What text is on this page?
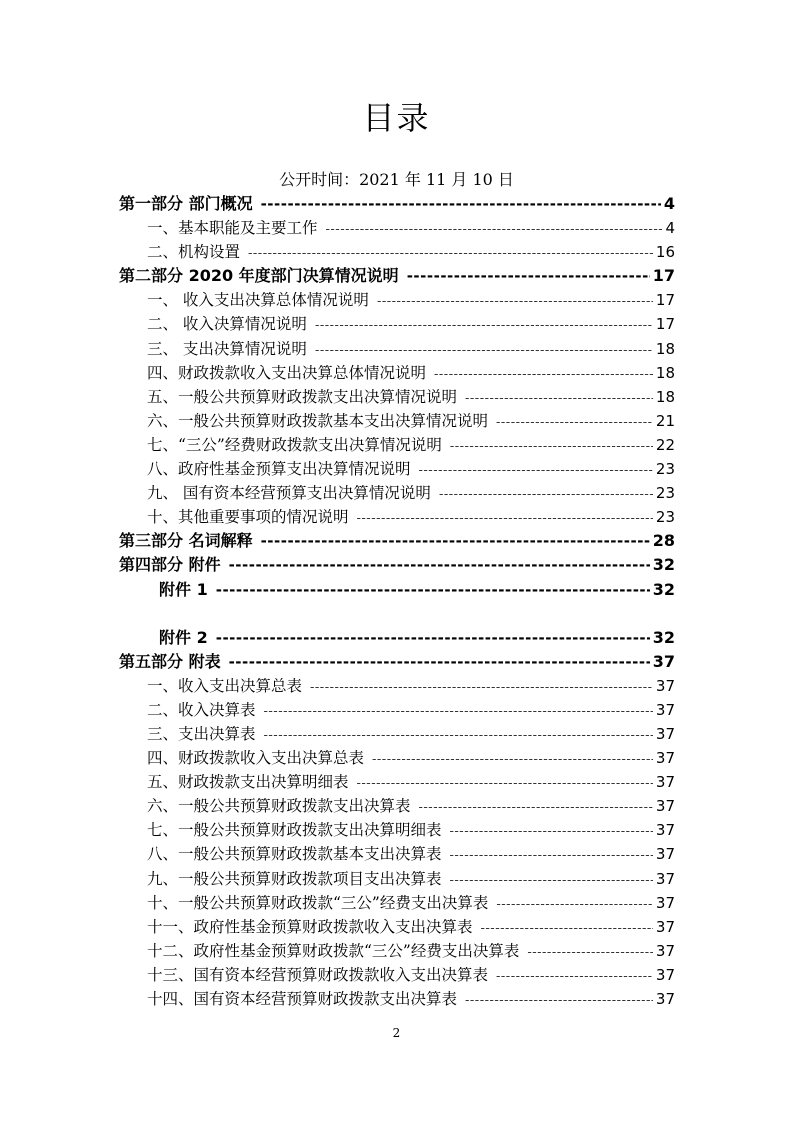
目录
公开时间：2021 年 11 月 10 日
第一部分 部门概况 -----	4
一、基本职能及主要工作 -----	4
二、机构设置 -----	16
第二部分 2020 年度部门决算情况说明 -----	17
一、 收入支出决算总体情况说明 -----	17
二、 收入决算情况说明 -----	17
三、 支出决算情况说明 -----	18
四、财政拨款收入支出决算总体情况说明 -----	18
五、一般公共预算财政拨款支出决算情况说明 -----	18
六、一般公共预算财政拨款基本支出决算情况说明 -----	21
七、“三公”经费财政拨款支出决算情况说明 -----	22
八、政府性基金预算支出决算情况说明 -----	23
九、 国有资本经营预算支出决算情况说明 -----	23
十、其他重要事项的情况说明 -----	23
第三部分 名词解释 -----	28
第四部分 附件 -----	32
附件 1 -----	32
附件 2 -----	32
第五部分 附表 -----	37
一、收入支出决算总表 -----	37
二、收入决算表 -----	37
三、支出决算表 -----	37
四、财政拨款收入支出决算总表 -----	37
五、财政拨款支出决算明细表 -----	37
六、一般公共预算财政拨款支出决算表 -----	37
七、一般公共预算财政拨款支出决算明细表 -----	37
八、一般公共预算财政拨款基本支出决算表 -----	37
九、一般公共预算财政拨款项目支出决算表 -----	37
十、一般公共预算财政拨款“三公”经费支出决算表 -----	37
十一、政府性基金预算财政拨款收入支出决算表 -----	37
十二、政府性基金预算财政拨款“三公”经费支出决算表 -----	37
十三、国有资本经营预算财政拨款收入支出决算表 -----	37
十四、国有资本经营预算财政拨款支出决算表 -----	37
2
